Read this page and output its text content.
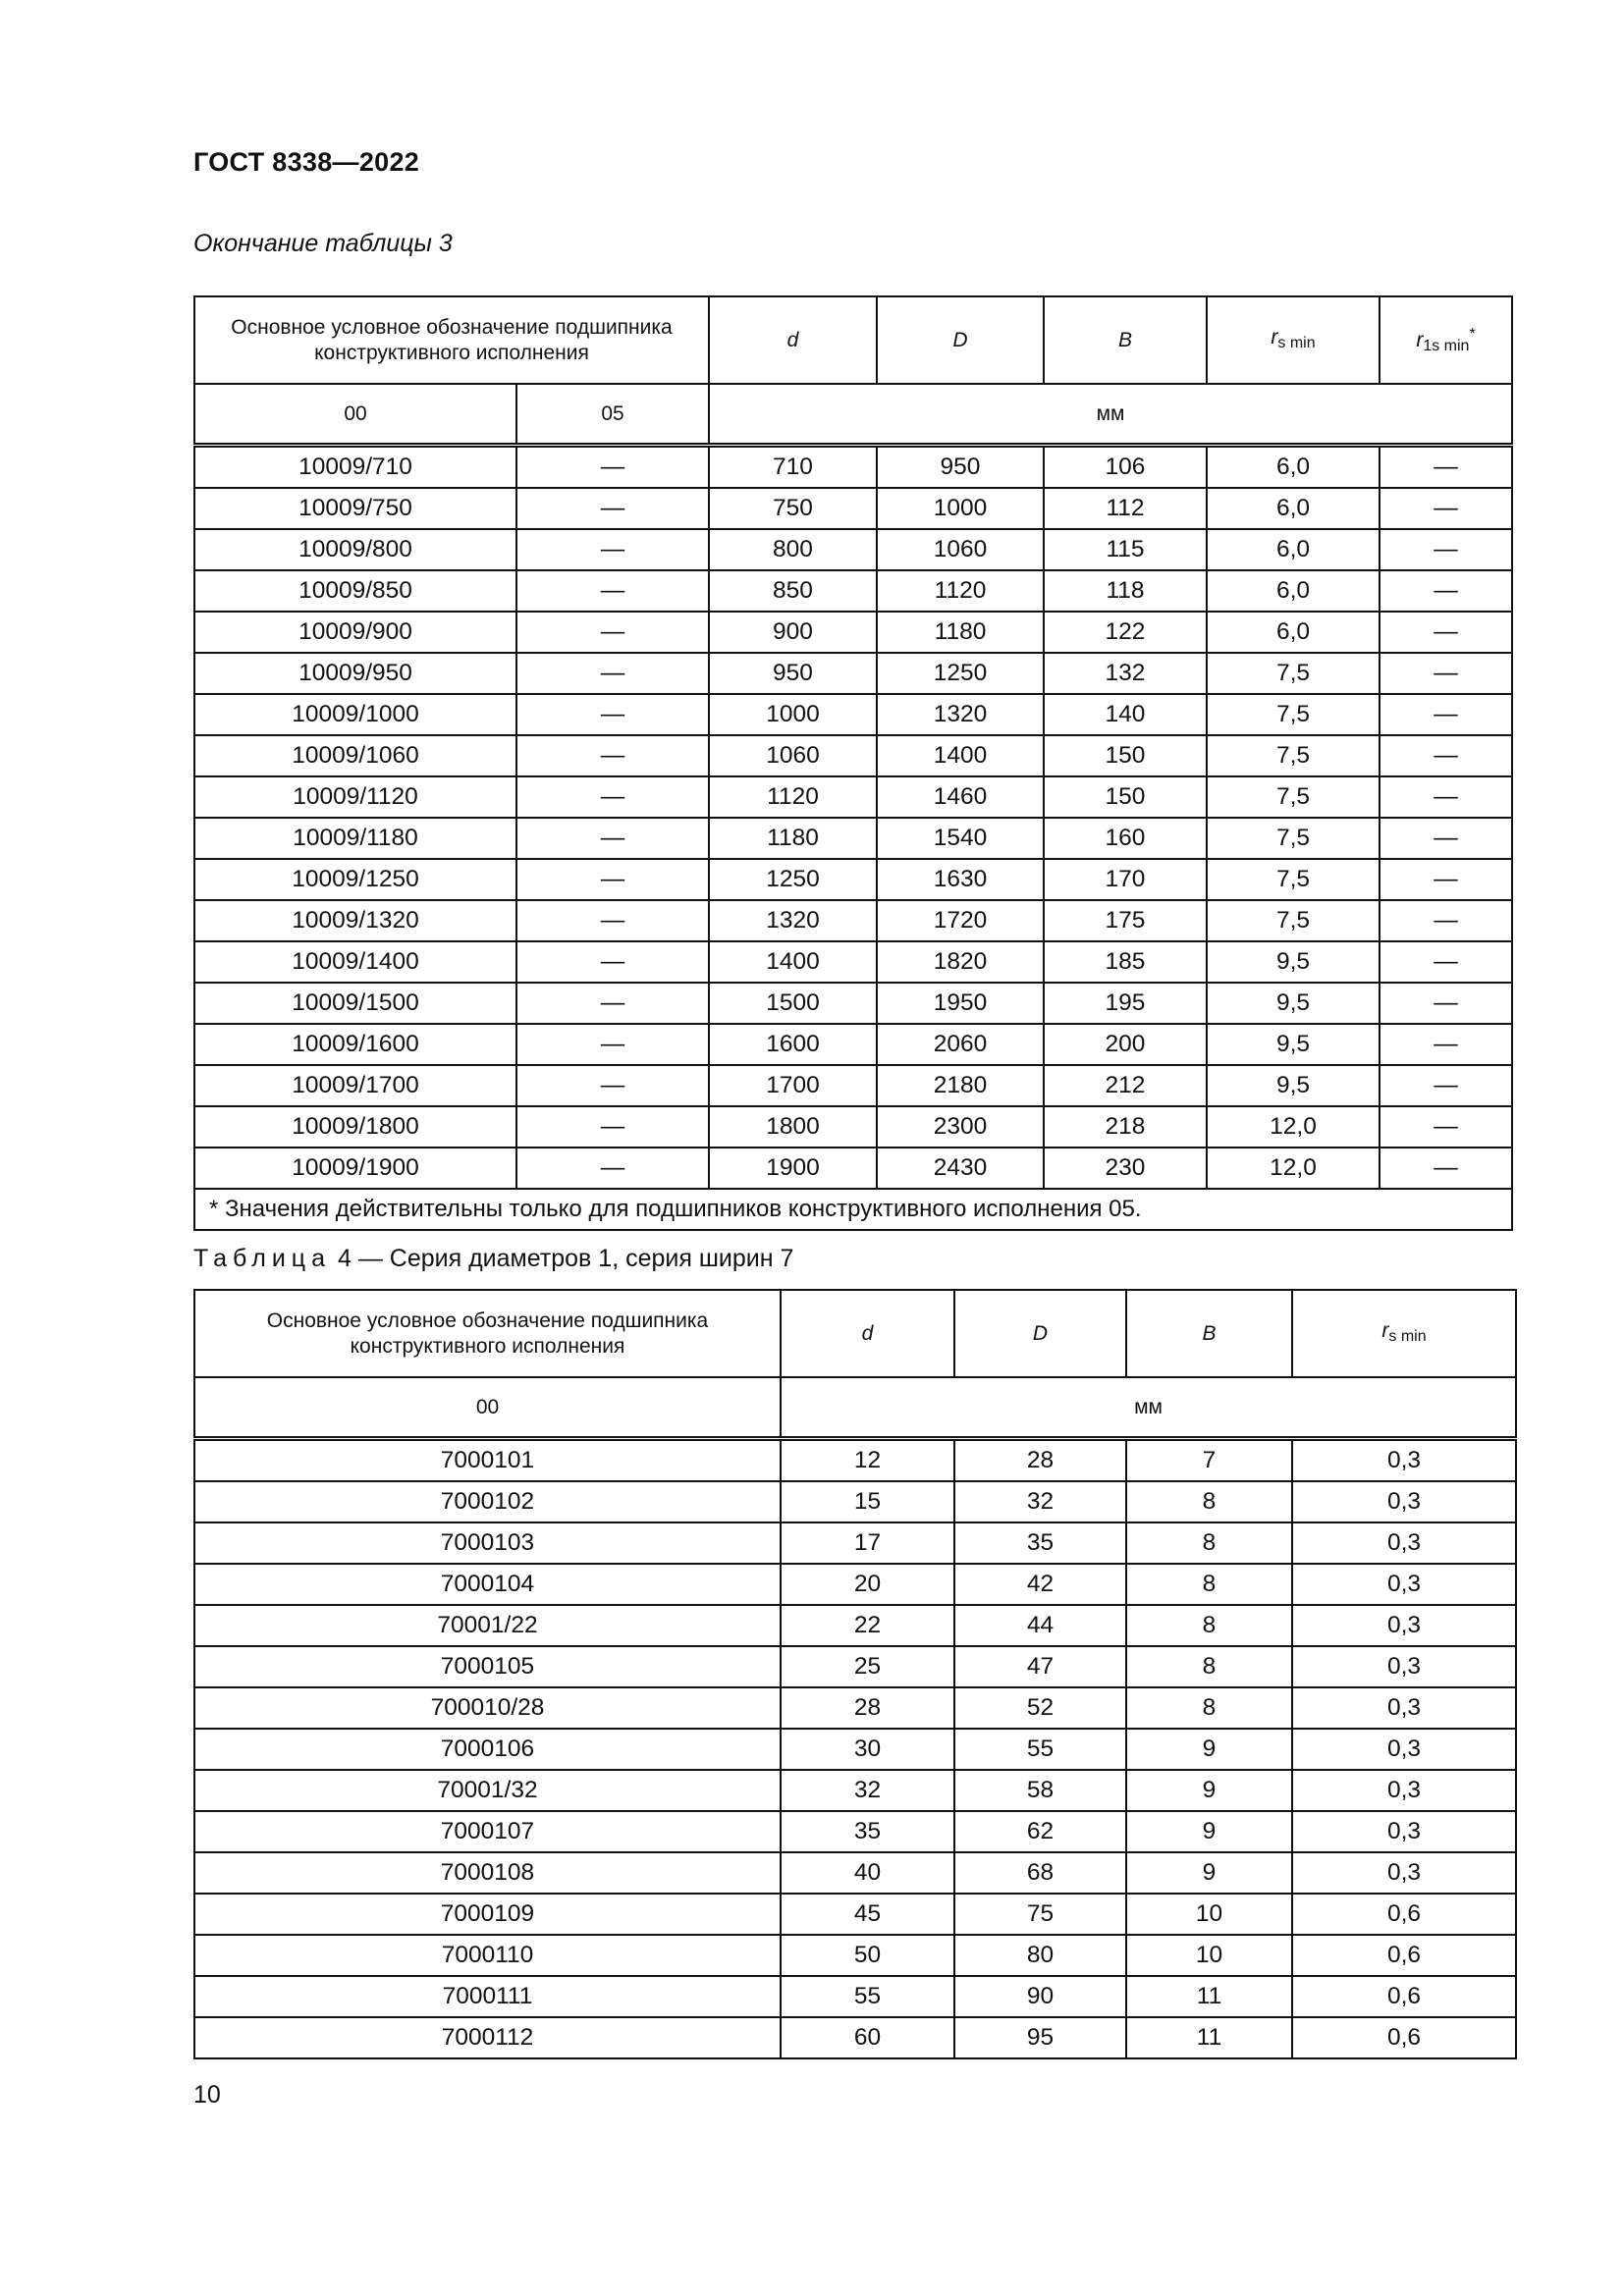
ГОСТ 8338—2022
Окончание таблицы 3
Основное условное обозначение подшипника конструктивного исполнения		d	D	B	$r_{s min}$	$r_{1s min}^*$
00	05	мм				
10009/710	—	710	950	106	6,0	—
10009/750	—	750	1000	112	6,0	—
10009/800	—	800	1060	115	6,0	—
10009/850	—	850	1120	118	6,0	—
10009/900	—	900	1180	122	6,0	—
10009/950	—	950	1250	132	7,5	—
10009/1000	—	1000	1320	140	7,5	—
10009/1060	—	1060	1400	150	7,5	—
10009/1120	—	1120	1460	150	7,5	—
10009/1180	—	1180	1540	160	7,5	—
10009/1250	—	1250	1630	170	7,5	—
10009/1320	—	1320	1720	175	7,5	—
10009/1400	—	1400	1820	185	9,5	—
10009/1500	—	1500	1950	195	9,5	—
10009/1600	—	1600	2060	200	9,5	—
10009/1700	—	1700	2180	212	9,5	—
10009/1800	—	1800	2300	218	12,0	—
10009/1900	—	1900	2430	230	12,0	—
* Значения действительны только для подшипников конструктивного исполнения 05.						
Таблица 4 — Серия диаметров 1, серия ширин 7
Основное условное обозначение подшипника конструктивного исполнения	d	D	B	$r_{s min}$
00	мм			
7000101	12	28	7	0,3
7000102	15	32	8	0,3
7000103	17	35	8	0,3
7000104	20	42	8	0,3
70001/22	22	44	8	0,3
7000105	25	47	8	0,3
700010/28	28	52	8	0,3
7000106	30	55	9	0,3
70001/32	32	58	9	0,3
7000107	35	62	9	0,3
7000108	40	68	9	0,3
7000109	45	75	10	0,6
7000110	50	80	10	0,6
7000111	55	90	11	0,6
7000112	60	95	11	0,6
10
